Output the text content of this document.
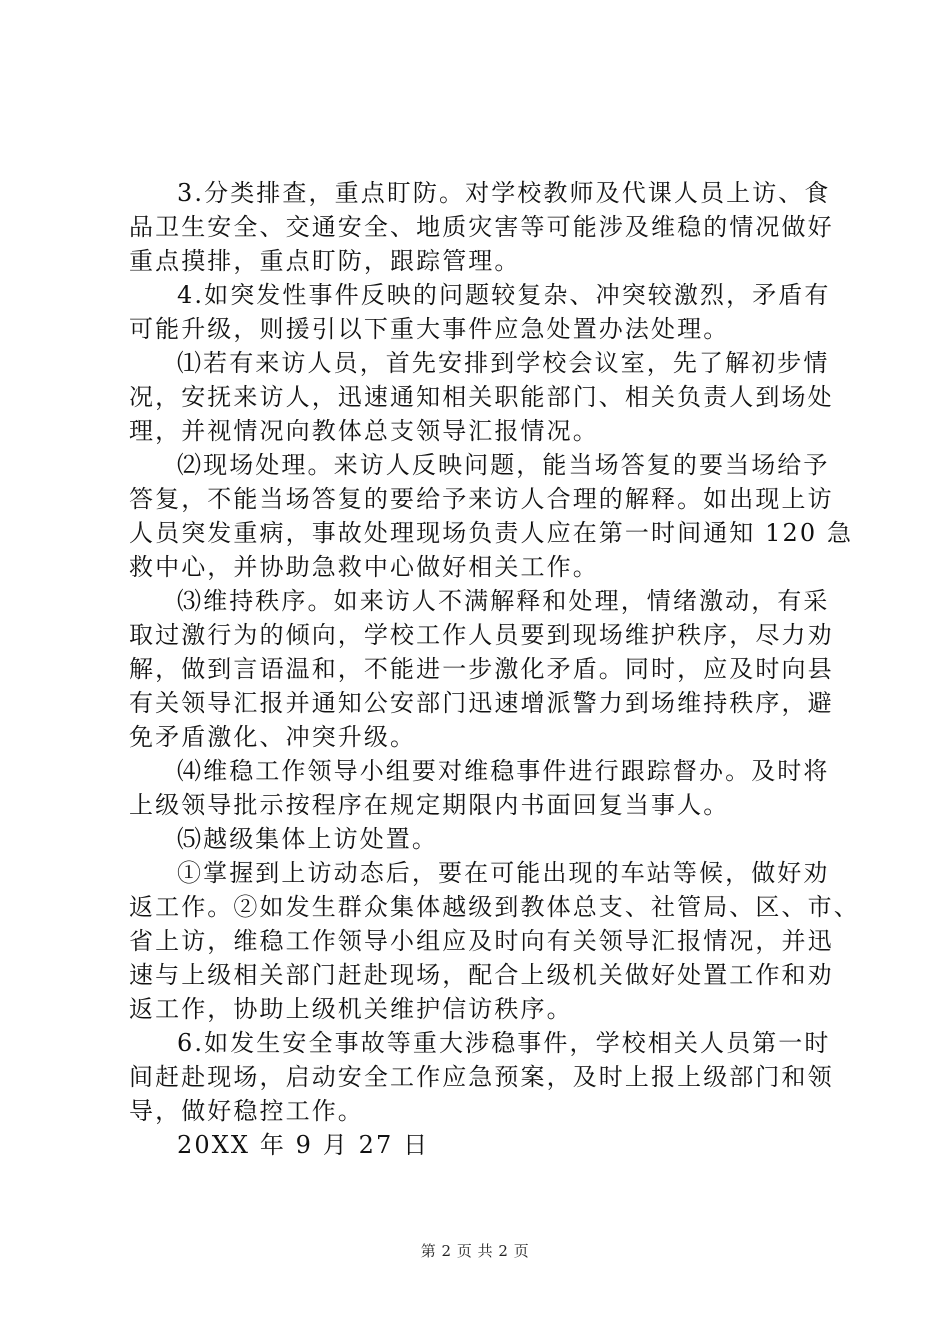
3.分类排查，重点盯防。对学校教师及代课人员上访、食
品卫生安全、交通安全、地质灾害等可能涉及维稳的情况做好
重点摸排，重点盯防，跟踪管理。
4.如突发性事件反映的问题较复杂、冲突较激烈，矛盾有
可能升级，则援引以下重大事件应急处置办法处理。
⑴若有来访人员，首先安排到学校会议室，先了解初步情
况，安抚来访人，迅速通知相关职能部门、相关负责人到场处
理，并视情况向教体总支领导汇报情况。
⑵现场处理。来访人反映问题，能当场答复的要当场给予
答复，不能当场答复的要给予来访人合理的解释。如出现上访
人员突发重病，事故处理现场负责人应在第一时间通知 120 急
救中心，并协助急救中心做好相关工作。
⑶维持秩序。如来访人不满解释和处理，情绪激动，有采
取过激行为的倾向，学校工作人员要到现场维护秩序，尽力劝
解，做到言语温和，不能进一步激化矛盾。同时，应及时向县
有关领导汇报并通知公安部门迅速增派警力到场维持秩序，避
免矛盾激化、冲突升级。
⑷维稳工作领导小组要对维稳事件进行跟踪督办。及时将
上级领导批示按程序在规定期限内书面回复当事人。
⑸越级集体上访处置。
①掌握到上访动态后，要在可能出现的车站等候，做好劝
返工作。②如发生群众集体越级到教体总支、社管局、区、市、
省上访，维稳工作领导小组应及时向有关领导汇报情况，并迅
速与上级相关部门赶赴现场，配合上级机关做好处置工作和劝
返工作，协助上级机关维护信访秩序。
6.如发生安全事故等重大涉稳事件，学校相关人员第一时
间赶赴现场，启动安全工作应急预案，及时上报上级部门和领
导，做好稳控工作。
20XX 年 9 月 27 日
第 2 页 共 2 页
